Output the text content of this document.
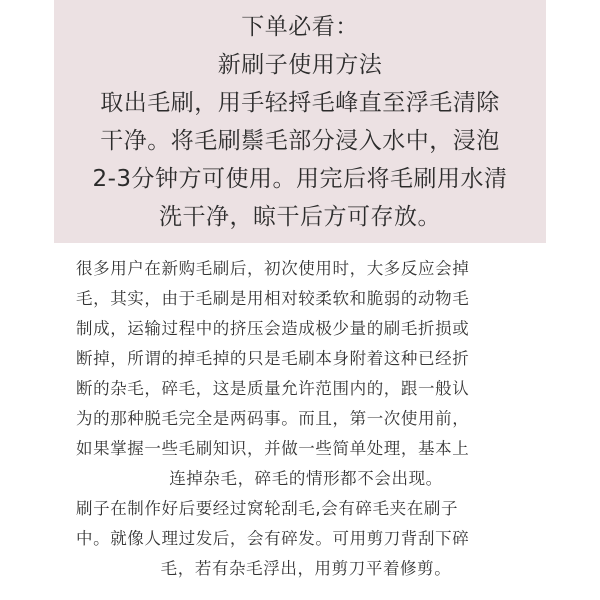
下单必看：
新刷子使用方法
取出毛刷，用手轻捋毛峰直至浮毛清除
干净。将毛刷鬃毛部分浸入水中，浸泡
2-3分钟方可使用。用完后将毛刷用水清
洗干净，晾干后方可存放。
很多用户在新购毛刷后，初次使用时，大多反应会掉
毛，其实，由于毛刷是用相对较柔软和脆弱的动物毛
制成，运输过程中的挤压会造成极少量的刷毛折损或
断掉，所谓的掉毛掉的只是毛刷本身附着这种已经折
断的杂毛，碎毛，这是质量允许范围内的，跟一般认
为的那种脱毛完全是两码事。而且，第一次使用前，
如果掌握一些毛刷知识，并做一些简单处理，基本上
连掉杂毛，碎毛的情形都不会出现。
刷子在制作好后要经过窝轮刮毛,会有碎毛夹在刷子
中。就像人理过发后，会有碎发。可用剪刀背刮下碎
毛，若有杂毛浮出，用剪刀平着修剪。
